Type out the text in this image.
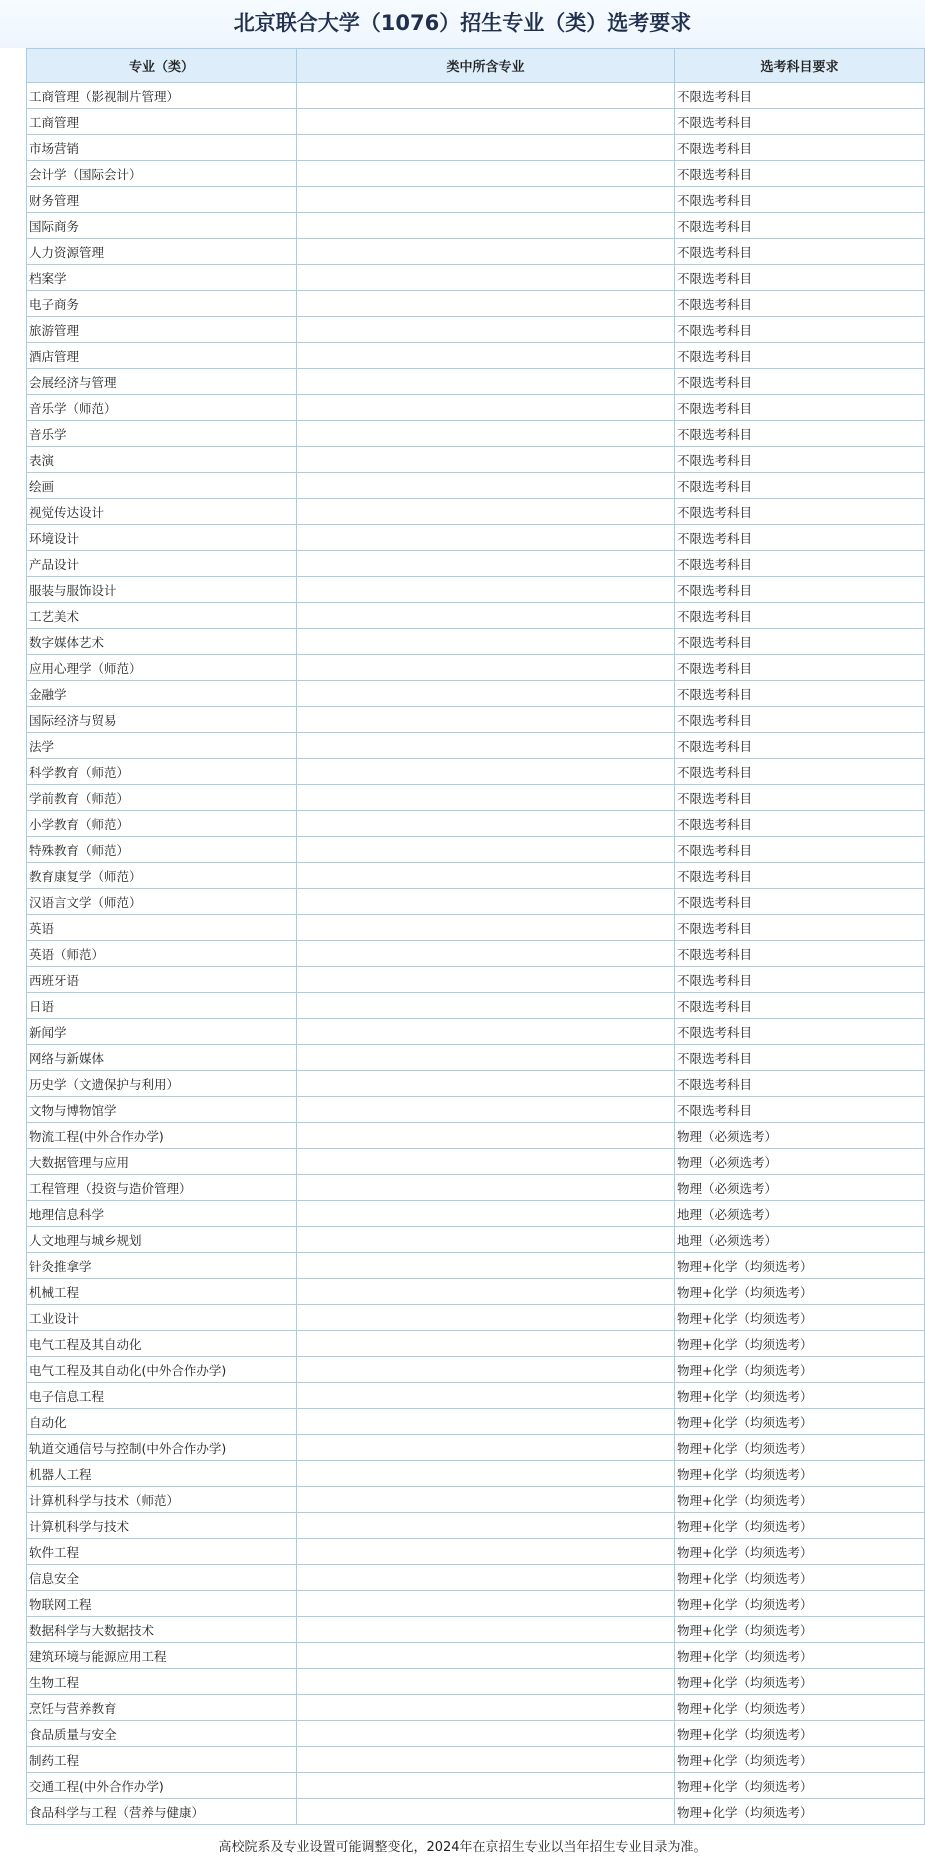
北京联合大学（1076）招生专业（类）选考要求
专业（类）	类中所含专业	选考科目要求
工商管理（影视制片管理）		不限选考科目
工商管理		不限选考科目
市场营销		不限选考科目
会计学（国际会计）		不限选考科目
财务管理		不限选考科目
国际商务		不限选考科目
人力资源管理		不限选考科目
档案学		不限选考科目
电子商务		不限选考科目
旅游管理		不限选考科目
酒店管理		不限选考科目
会展经济与管理		不限选考科目
音乐学（师范）		不限选考科目
音乐学		不限选考科目
表演		不限选考科目
绘画		不限选考科目
视觉传达设计		不限选考科目
环境设计		不限选考科目
产品设计		不限选考科目
服装与服饰设计		不限选考科目
工艺美术		不限选考科目
数字媒体艺术		不限选考科目
应用心理学（师范）		不限选考科目
金融学		不限选考科目
国际经济与贸易		不限选考科目
法学		不限选考科目
科学教育（师范）		不限选考科目
学前教育（师范）		不限选考科目
小学教育（师范）		不限选考科目
特殊教育（师范）		不限选考科目
教育康复学（师范）		不限选考科目
汉语言文学（师范）		不限选考科目
英语		不限选考科目
英语（师范）		不限选考科目
西班牙语		不限选考科目
日语		不限选考科目
新闻学		不限选考科目
网络与新媒体		不限选考科目
历史学（文遗保护与利用）		不限选考科目
文物与博物馆学		不限选考科目
物流工程(中外合作办学)		物理（必须选考）
大数据管理与应用		物理（必须选考）
工程管理（投资与造价管理）		物理（必须选考）
地理信息科学		地理（必须选考）
人文地理与城乡规划		地理（必须选考）
针灸推拿学		物理+化学（均须选考）
机械工程		物理+化学（均须选考）
工业设计		物理+化学（均须选考）
电气工程及其自动化		物理+化学（均须选考）
电气工程及其自动化(中外合作办学)		物理+化学（均须选考）
电子信息工程		物理+化学（均须选考）
自动化		物理+化学（均须选考）
轨道交通信号与控制(中外合作办学)		物理+化学（均须选考）
机器人工程		物理+化学（均须选考）
计算机科学与技术（师范）		物理+化学（均须选考）
计算机科学与技术		物理+化学（均须选考）
软件工程		物理+化学（均须选考）
信息安全		物理+化学（均须选考）
物联网工程		物理+化学（均须选考）
数据科学与大数据技术		物理+化学（均须选考）
建筑环境与能源应用工程		物理+化学（均须选考）
生物工程		物理+化学（均须选考）
烹饪与营养教育		物理+化学（均须选考）
食品质量与安全		物理+化学（均须选考）
制药工程		物理+化学（均须选考）
交通工程(中外合作办学)		物理+化学（均须选考）
食品科学与工程（营养与健康）		物理+化学（均须选考）
高校院系及专业设置可能调整变化，2024年在京招生专业以当年招生专业目录为准。
